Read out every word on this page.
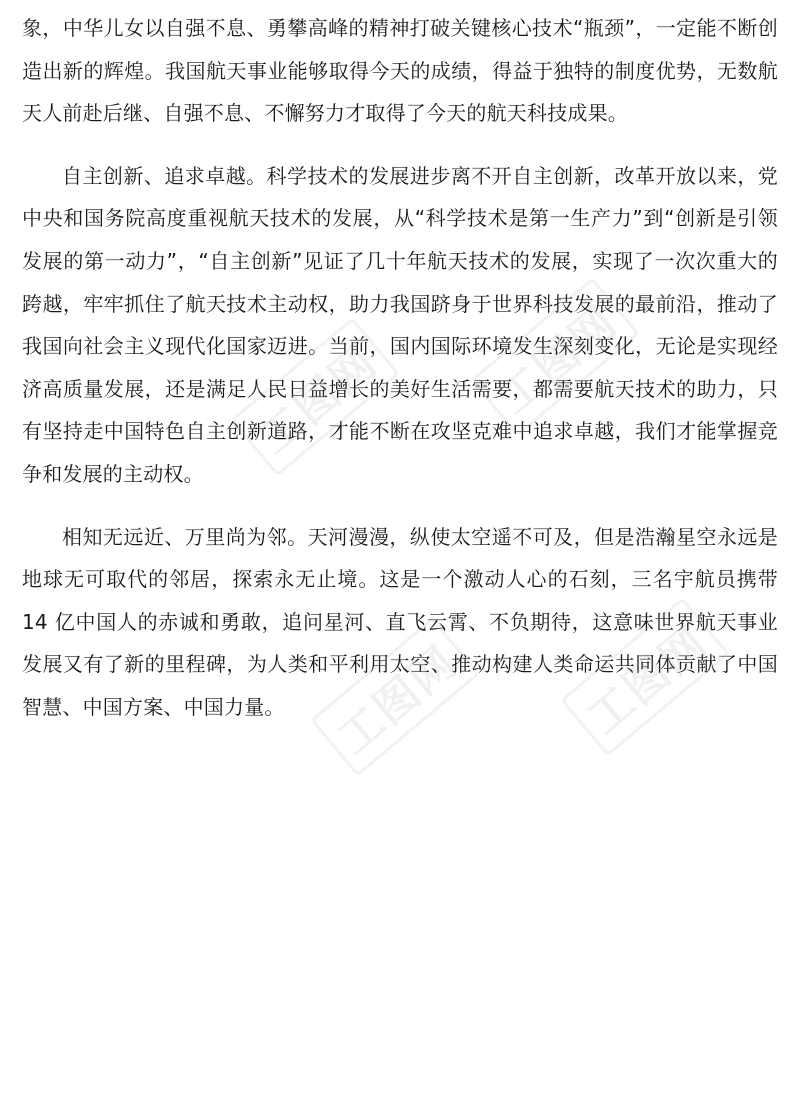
象，中华儿女以自强不息、勇攀高峰的精神打破关键核心技术“瓶颈”，一定能不断创造出新的辉煌。我国航天事业能够取得今天的成绩，得益于独特的制度优势，无数航天人前赴后继、自强不息、不懈努力才取得了今天的航天科技成果。

自主创新、追求卓越。科学技术的发展进步离不开自主创新，改革开放以来，党中央和国务院高度重视航天技术的发展，从“科学技术是第一生产力”到“创新是引领发展的第一动力”，“自主创新”见证了几十年航天技术的发展，实现了一次次重大的跨越，牢牢抓住了航天技术主动权，助力我国跻身于世界科技发展的最前沿，推动了我国向社会主义现代化国家迈进。当前，国内国际环境发生深刻变化，无论是实现经济高质量发展，还是满足人民日益增长的美好生活需要，都需要航天技术的助力，只有坚持走中国特色自主创新道路，才能不断在攻坚克难中追求卓越，我们才能掌握竞争和发展的主动权。

相知无远近、万里尚为邻。天河漫漫，纵使太空遥不可及，但是浩瀚星空永远是地球无可取代的邻居，探索永无止境。这是一个激动人心的石刻，三名宇航员携带 14 亿中国人的赤诚和勇敢，追问星河、直飞云霄、不负期待，这意味世界航天事业发展又有了新的里程碑，为人类和平利用太空、推动构建人类命运共同体贡献了中国智慧、中国方案、中国力量。

工图网	工图网
工图网	工图网
